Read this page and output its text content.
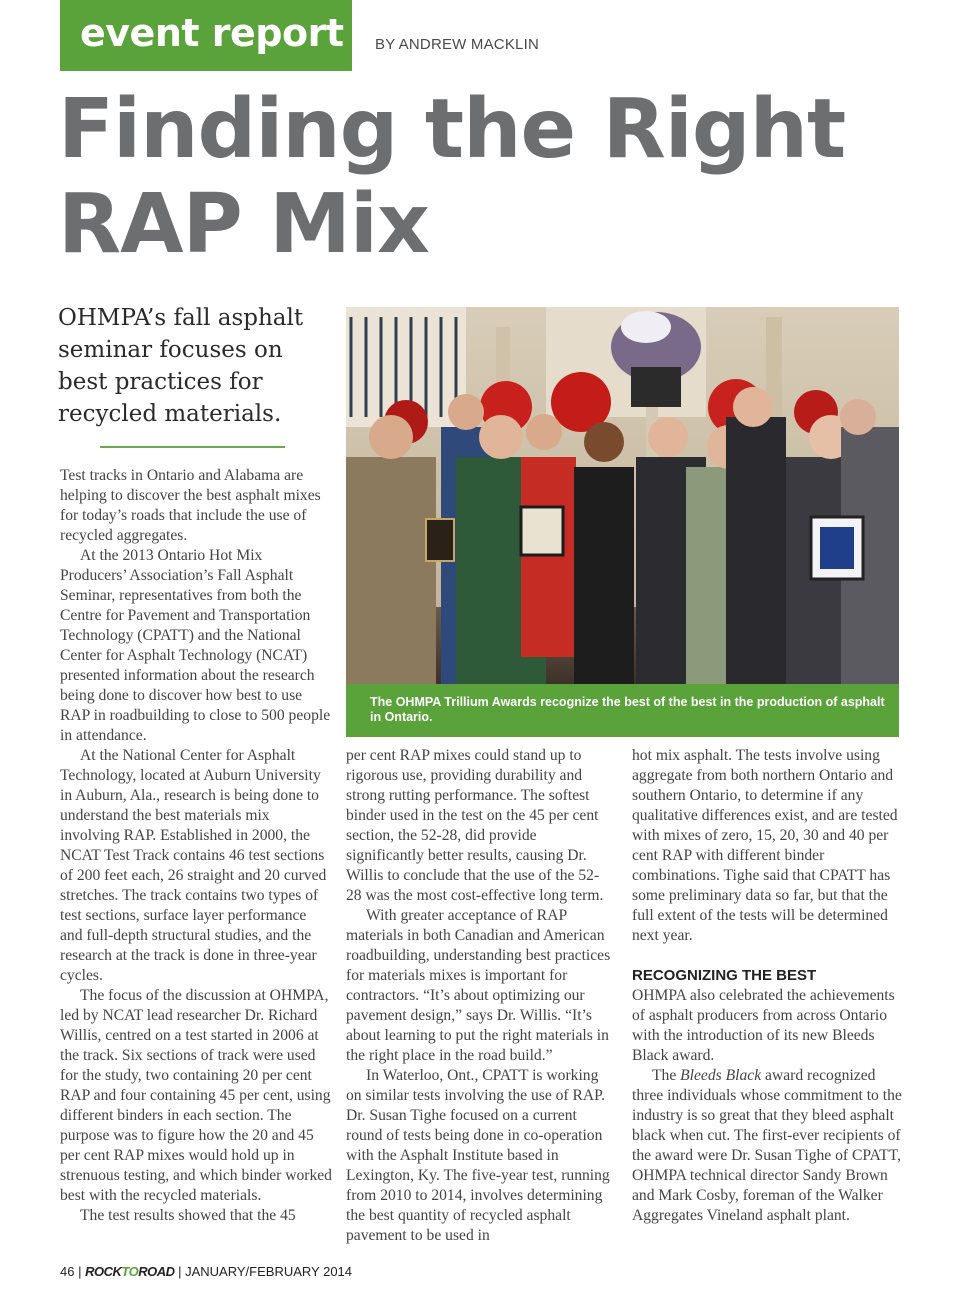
event report BY ANDREW MACKLIN
Finding the Right
RAP Mix
OHMPA’s fall asphalt seminar focuses on best practices for recycled materials.

Test tracks in Ontario and Alabama are helping to discover the best asphalt mixes for today’s roads that include the use of recycled aggregates.

At the 2013 Ontario Hot Mix Producers’ Association’s Fall Asphalt Seminar, representatives from both the Centre for Pavement and Transportation Technology (CPATT) and the National Center for Asphalt Technology (NCAT) presented information about the research being done to discover how best to use RAP in roadbuilding to close to 500 people in attendance.

At the National Center for Asphalt Technology, located at Auburn University in Auburn, Ala., research is being done to understand the best materials mix involving RAP. Established in 2000, the NCAT Test Track contains 46 test sections of 200 feet each, 26 straight and 20 curved stretches. The track contains two types of test sections, surface layer performance and full-depth structural studies, and the research at the track is done in three-year cycles.

The focus of the discussion at OHMPA, led by NCAT lead researcher Dr. Richard Willis, centred on a test started in 2006 at the track. Six sections of track were used for the study, two containing 20 per cent RAP and four containing 45 per cent, using different binders in each section. The purpose was to figure how the 20 and 45 per cent RAP mixes would hold up in strenuous testing, and which binder worked best with the recycled materials.

The test results showed that the 45

The OHMPA Trillium Awards recognize the best of the best in the production of asphalt in Ontario.

per cent RAP mixes could stand up to rigorous use, providing durability and strong rutting performance. The softest binder used in the test on the 45 per cent section, the 52-28, did provide significantly better results, causing Dr. Willis to conclude that the use of the 52-28 was the most cost-effective long term.

With greater acceptance of RAP materials in both Canadian and American roadbuilding, understanding best practices for materials mixes is important for contractors. “It’s about optimizing our pavement design,” says Dr. Willis. “It’s about learning to put the right materials in the right place in the road build.”

In Waterloo, Ont., CPATT is working on similar tests involving the use of RAP. Dr. Susan Tighe focused on a current round of tests being done in co-operation with the Asphalt Institute based in Lexington, Ky. The five-year test, running from 2010 to 2014, involves determining the best quantity of recycled asphalt pavement to be used in

hot mix asphalt. The tests involve using aggregate from both northern Ontario and southern Ontario, to determine if any qualitative differences exist, and are tested with mixes of zero, 15, 20, 30 and 40 per cent RAP with different binder combinations. Tighe said that CPATT has some preliminary data so far, but that the full extent of the tests will be determined next year.

RECOGNIZING THE BEST

OHMPA also celebrated the achievements of asphalt producers from across Ontario with the introduction of its new Bleeds Black award.

The Bleeds Black award recognized three individuals whose commitment to the industry is so great that they bleed asphalt black when cut. The first-ever recipients of the award were Dr. Susan Tighe of CPATT, OHMPA technical director Sandy Brown and Mark Cosby, foreman of the Walker Aggregates Vineland asphalt plant.

46 | ROCKTOROAD | JANUARY/FEBRUARY 2014
